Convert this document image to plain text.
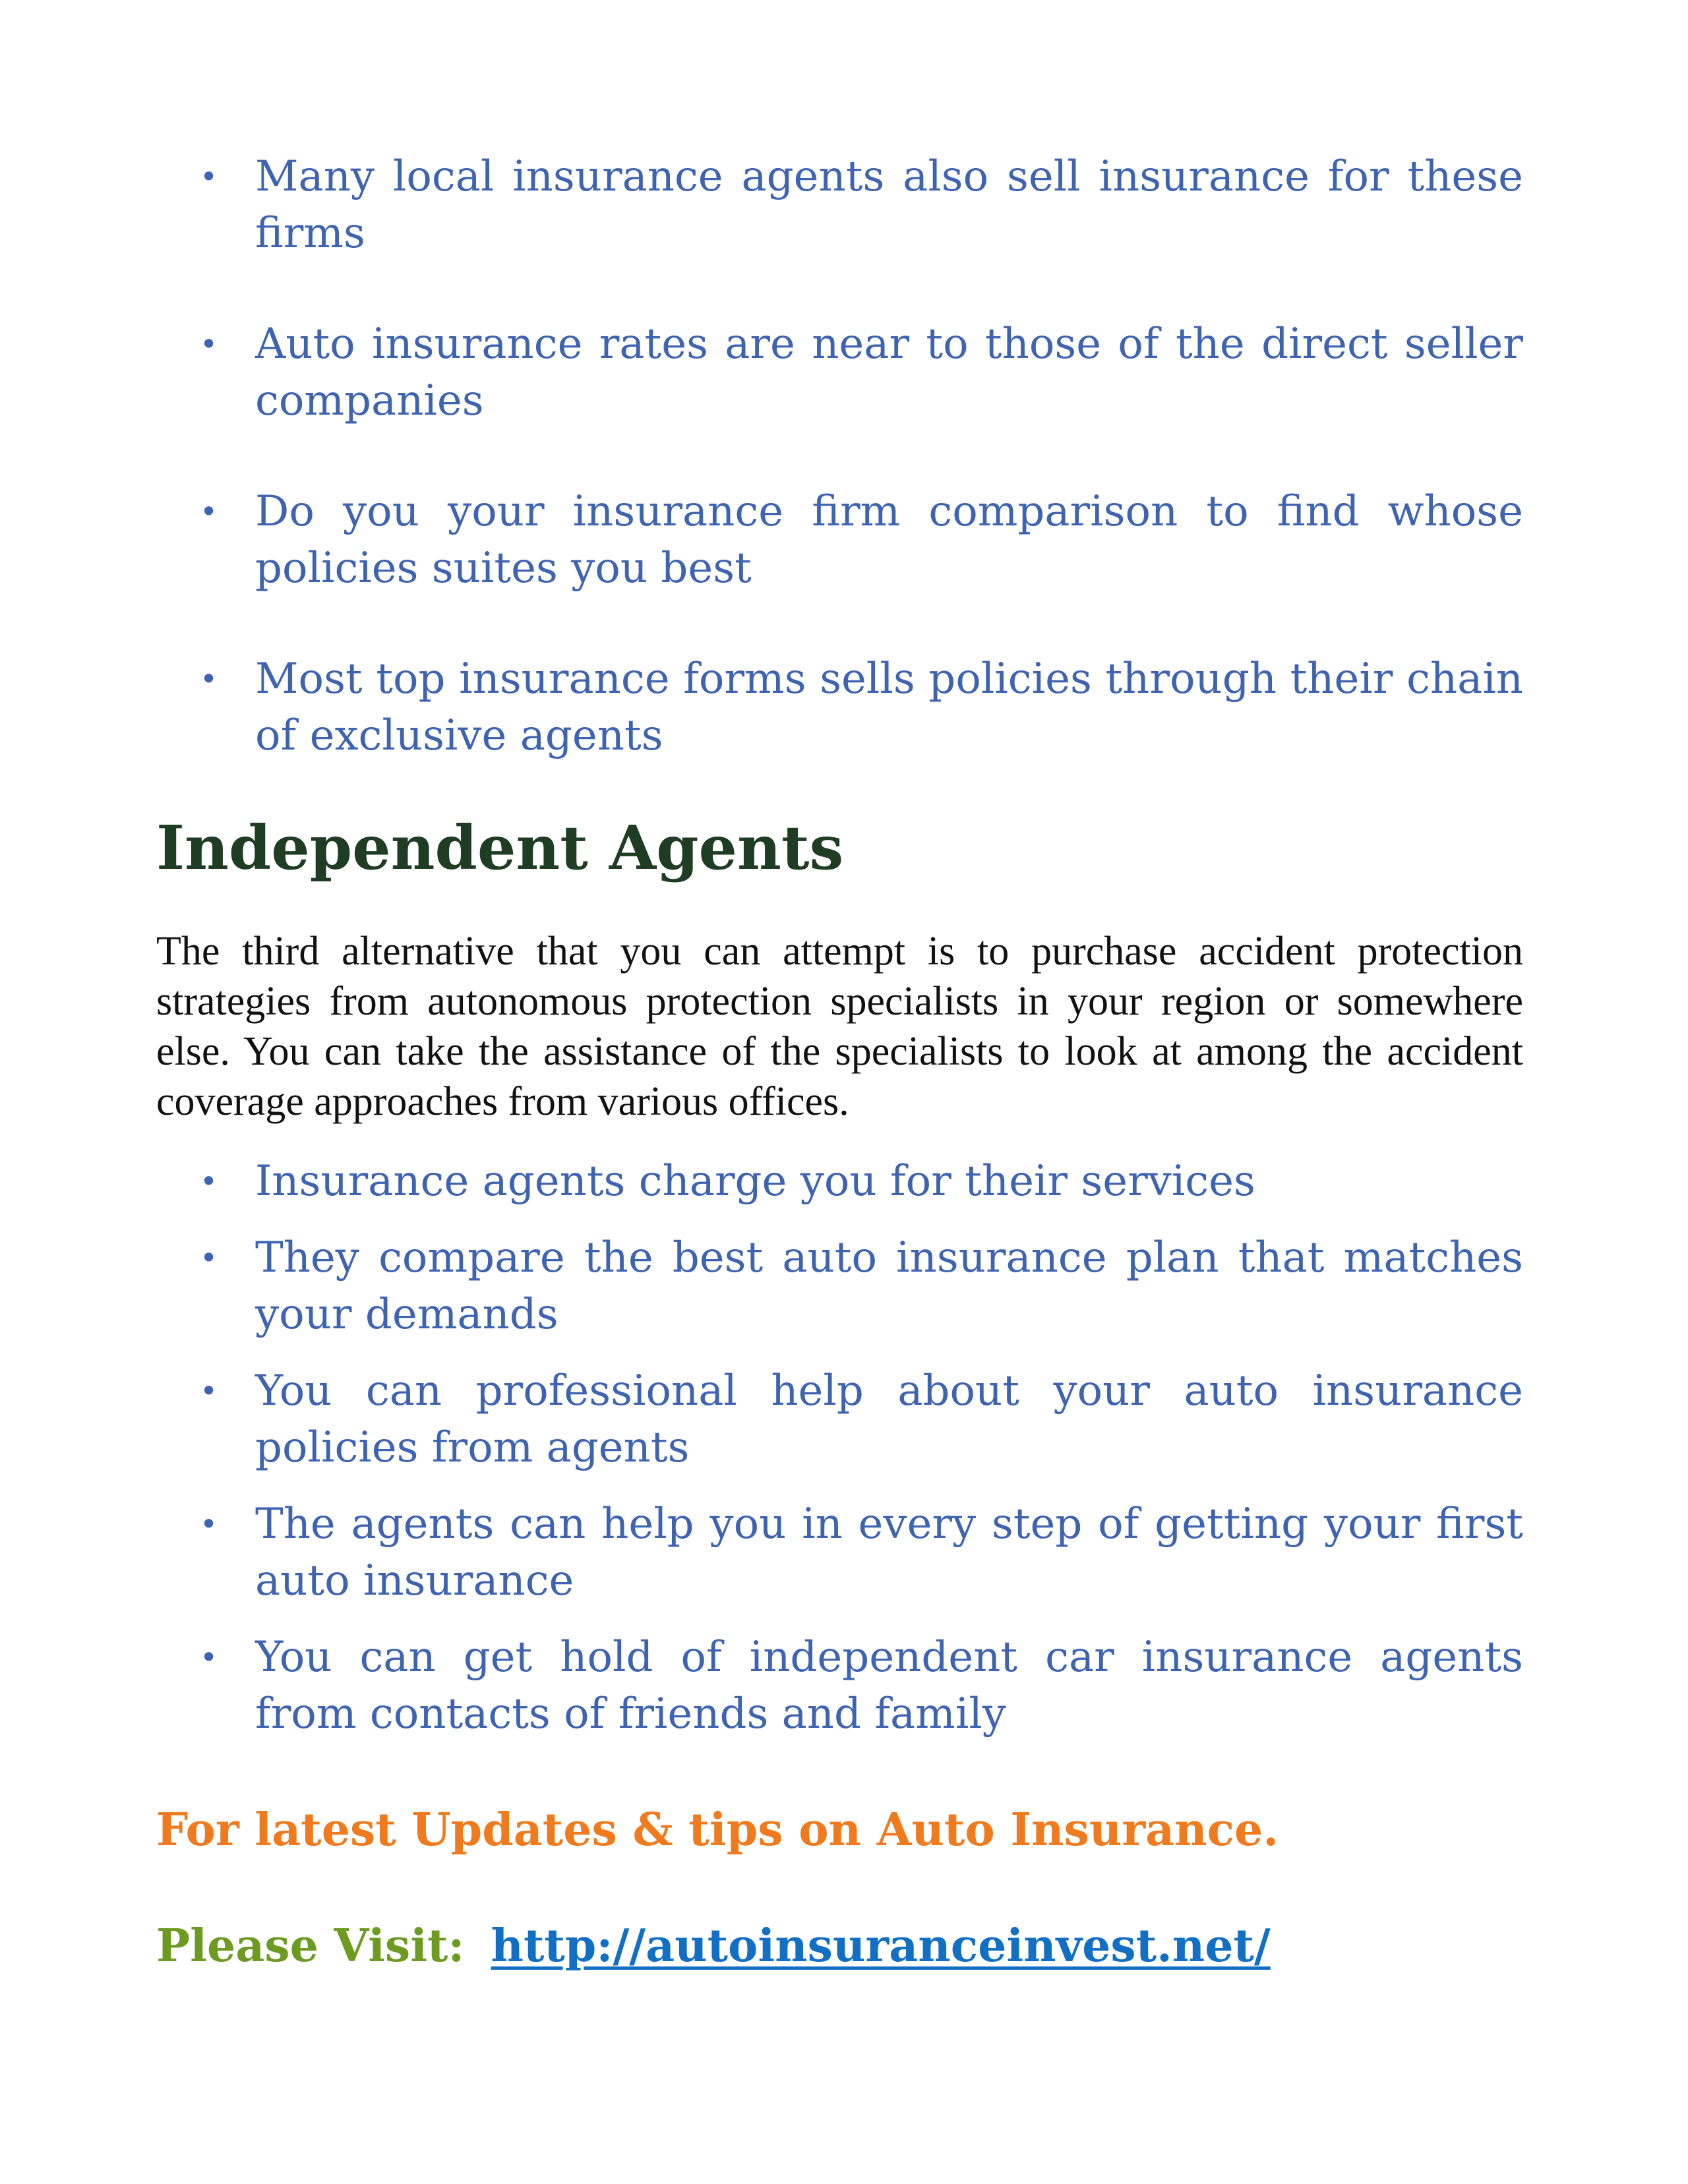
• Many local insurance agents also sell insurance for these firms
• Auto insurance rates are near to those of the direct seller companies
• Do you your insurance firm comparison to find whose policies suites you best
• Most top insurance forms sells policies through their chain of exclusive agents
Independent Agents

The third alternative that you can attempt is to purchase accident protection strategies from autonomous protection specialists in your region or somewhere else. You can take the assistance of the specialists to look at among the accident coverage approaches from various offices.

• Insurance agents charge you for their services
• They compare the best auto insurance plan that matches your demands
• You can professional help about your auto insurance policies from agents
• The agents can help you in every step of getting your first auto insurance
• You can get hold of independent car insurance agents from contacts of friends and family

For latest Updates & tips on Auto Insurance.

Please Visit: http://autoinsuranceinvest.net/
